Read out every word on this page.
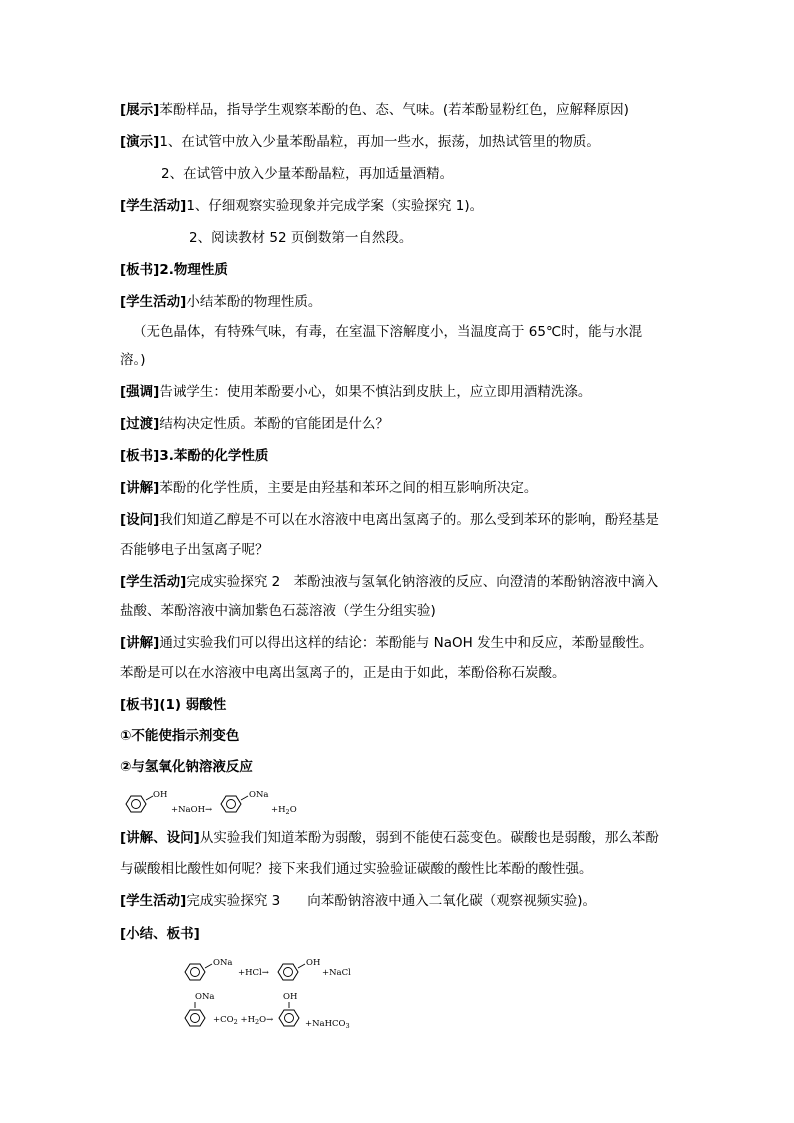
[展示]苯酚样品，指导学生观察苯酚的色、态、气味。(若苯酚显粉红色，应解释原因)
[演示]1、在试管中放入少量苯酚晶粒，再加一些水，振荡，加热试管里的物质。
2、在试管中放入少量苯酚晶粒，再加适量酒精。
[学生活动]1、仔细观察实验现象并完成学案（实验探究 1)。
2、阅读教材 52 页倒数第一自然段。
[板书]2.物理性质
[学生活动]小结苯酚的物理性质。
（无色晶体，有特殊气味，有毒，在室温下溶解度小，当温度高于 65℃时，能与水混
溶。)
[强调]告诫学生：使用苯酚要小心，如果不慎沾到皮肤上，应立即用酒精洗涤。
[过渡]结构决定性质。苯酚的官能团是什么？
[板书]3.苯酚的化学性质
[讲解]苯酚的化学性质，主要是由羟基和苯环之间的相互影响所决定。
[设问]我们知道乙醇是不可以在水溶液中电离出氢离子的。那么受到苯环的影响，酚羟基是
否能够电子出氢离子呢？
[学生活动]完成实验探究 2　苯酚浊液与氢氧化钠溶液的反应、向澄清的苯酚钠溶液中滴入
盐酸、苯酚溶液中滴加紫色石蕊溶液（学生分组实验)
[讲解]通过实验我们可以得出这样的结论：苯酚能与 NaOH 发生中和反应，苯酚显酸性。
苯酚是可以在水溶液中电离出氢离子的，正是由于如此，苯酚俗称石炭酸。
[板书](1) 弱酸性
①不能使指示剂变色
②与氢氧化钠溶液反应
OH
+NaOH→
ONa
$+H_2O$
[讲解、设问]从实验我们知道苯酚为弱酸，弱到不能使石蕊变色。碳酸也是弱酸，那么苯酚
与碳酸相比酸性如何呢？接下来我们通过实验验证碳酸的酸性比苯酚的酸性强。
[学生活动]完成实验探究 3　　向苯酚钠溶液中通入二氧化碳（观察视频实验)。
[小结、板书]
ONa
+HCl→
OH
+NaCl
ONa
$+CO_2 +H_2O\to$
OH
+NaHCO$_3$
